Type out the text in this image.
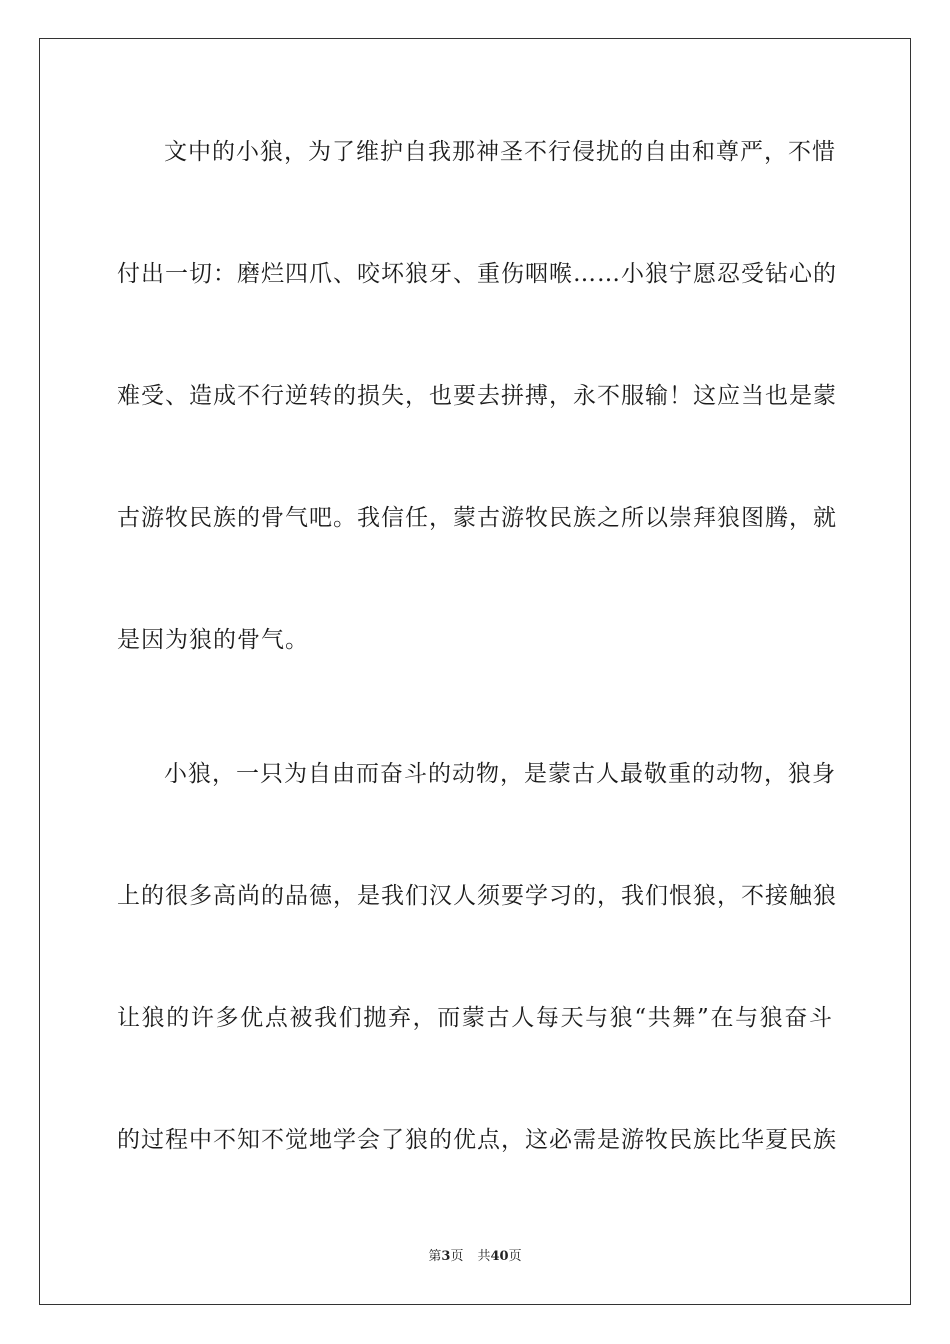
文中的小狼，为了维护自我那神圣不行侵扰的自由和尊严，不惜
付出一切：磨烂四爪、咬坏狼牙、重伤咽喉……小狼宁愿忍受钻心的
难受、造成不行逆转的损失，也要去拼搏，永不服输！这应当也是蒙
古游牧民族的骨气吧。我信任，蒙古游牧民族之所以崇拜狼图腾，就
是因为狼的骨气。
小狼，一只为自由而奋斗的动物，是蒙古人最敬重的动物，狼身
上的很多高尚的品德，是我们汉人须要学习的，我们恨狼，不接触狼
让狼的许多优点被我们抛弃，而蒙古人每天与狼“共舞”在与狼奋斗
的过程中不知不觉地学会了狼的优点，这必需是游牧民族比华夏民族
第3页 共40页
